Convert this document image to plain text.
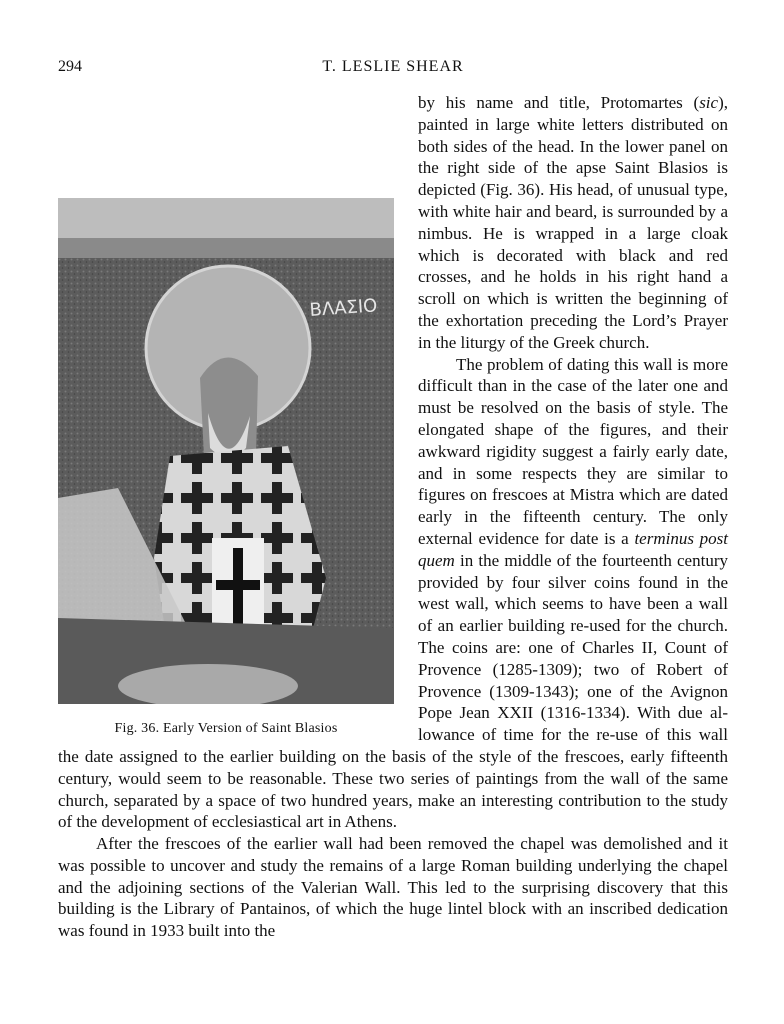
294	T. LESLIE SHEAR
ΒΛΑΣΙΟ
Fig. 36. Early Version of Saint Blasios

by his name and title, Protomartes (sic), painted in large white letters distributed on both sides of the head. In the lower panel on the right side of the apse Saint Blasios is depicted (Fig. 36). His head, of unusual type, with white hair and beard, is surrounded by a nimbus. He is wrapped in a large cloak which is decorated with black and red crosses, and he holds in his right hand a scroll on which is written the beginning of the exhortation preceding the Lord’s Prayer in the liturgy of the Greek church.

The problem of dating this wall is more difficult than in the case of the later one and must be resolved on the basis of style. The elongated shape of the figures, and their awkward rigidity suggest a fairly early date, and in some respects they are similar to figures on frescoes at Mistra which are dated early in the fifteenth century. The only external evidence for date is a terminus post quem in the middle of the fourteenth century provided by four silver coins found in the west wall, which seems to have been a wall of an earlier building re-used for the church. The coins are: one of Charles II, Count of Provence (1285-1309); two of Robert of Provence (1309-1343); one of the Avignon Pope Jean XXII (1316-1334). With due allowance of time for the re-use of this wall the date assigned to the earlier building on the basis of the style of the frescoes, early fifteenth century, would seem to be reasonable. These two series of paintings from the wall of the same church, separated by a space of two hundred years, make an interesting contribution to the study of the development of ecclesiastical art in Athens.

After the frescoes of the earlier wall had been removed the chapel was demolished and it was possible to uncover and study the remains of a large Roman building underlying the chapel and the adjoining sections of the Valerian Wall. This led to the surprising discovery that this building is the Library of Pantainos, of which the huge lintel block with an inscribed dedication was found in 1933 built into the
